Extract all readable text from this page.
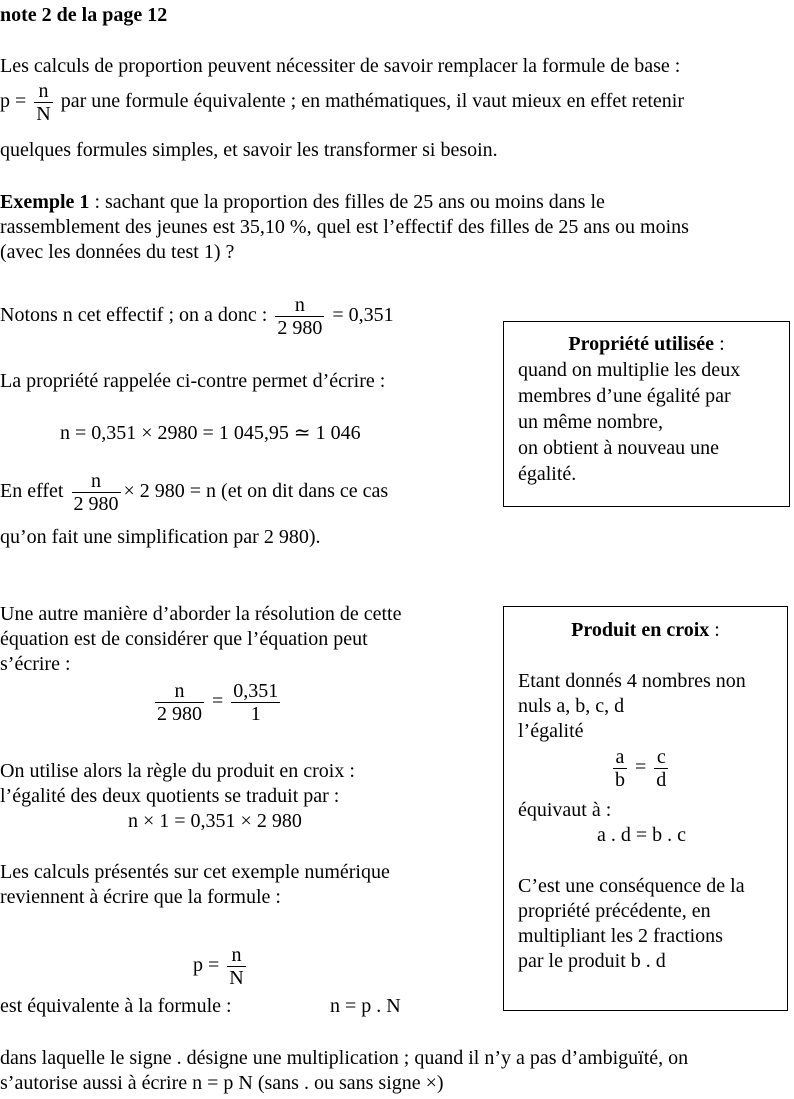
note 2 de la page 12
Les calculs de proportion peuvent nécessiter de savoir remplacer la formule de base :
$p = \frac{n}{N}$ par une formule équivalente ; en mathématiques, il vaut mieux en effet retenir
quelques formules simples, et savoir les transformer si besoin.
Exemple 1 : sachant que la proportion des filles de 25 ans ou moins dans le
rassemblement des jeunes est 35,10 %, quel est l’effectif des filles de 25 ans ou moins
(avec les données du test 1) ?
Notons n cet effectif ; on a donc : $\frac{n}{2 980} = 0,351$
La propriété rappelée ci-contre permet d’écrire :
n = 0,351 × 2980 = 1 045,95 ≃ 1 046
En effet $\frac{n}{2 980} \times 2$ 980 = n (et on dit dans ce cas
qu’on fait une simplification par 2 980).
Propriété utilisée :
quand on multiplie les deux
membres d’une égalité par
un même nombre,
on obtient à nouveau une
égalité.
Une autre manière d’aborder la résolution de cette
équation est de considérer que l’équation peut
s’écrire :
$\frac{n}{2 980} = \frac{0,351}{1}$
On utilise alors la règle du produit en croix :
l’égalité des deux quotients se traduit par :
n × 1 = 0,351 × 2 980
Les calculs présentés sur cet exemple numérique
reviennent à écrire que la formule :
$p = \frac{n}{N}$
est équivalente à la formule :	n = p . N
Produit en croix :
Etant donnés 4 nombres non
nuls a, b, c, d
l’égalité
$\frac{a}{b} = \frac{c}{d}$
équivaut à :
a . d = b . c
C’est une conséquence de la
propriété précédente, en
multipliant les 2 fractions
par le produit b . d
dans laquelle le signe . désigne une multiplication ; quand il n’y a pas d’ambiguïté, on
s’autorise aussi à écrire n = p N (sans . ou sans signe ×)
